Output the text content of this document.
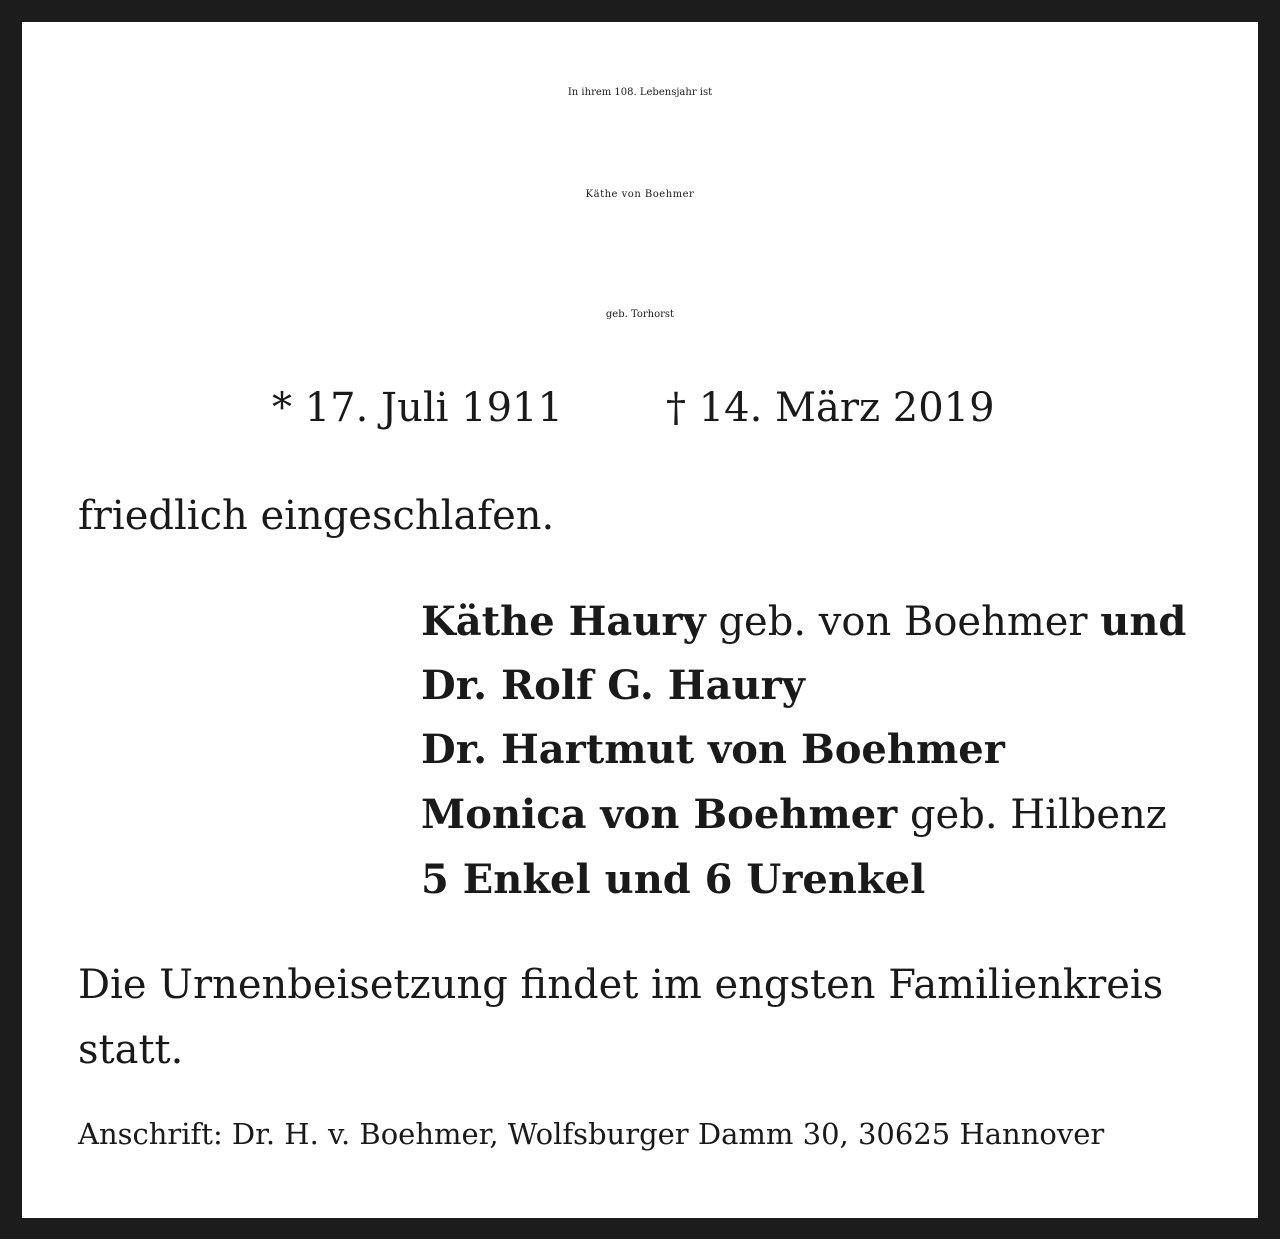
In ihrem 108. Lebensjahr ist
Käthe von Boehmer
geb. Torhorst
* 17. Juli 1911	† 14. März 2019
friedlich eingeschlafen.
Käthe Haury geb. von Boehmer und
Dr. Rolf G. Haury
Dr. Hartmut von Boehmer
Monica von Boehmer geb. Hilbenz
5 Enkel und 6 Urenkel
Die Urnenbeisetzung findet im engsten Familienkreis
statt.
Anschrift: Dr. H. v. Boehmer, Wolfsburger Damm 30, 30625 Hannover
